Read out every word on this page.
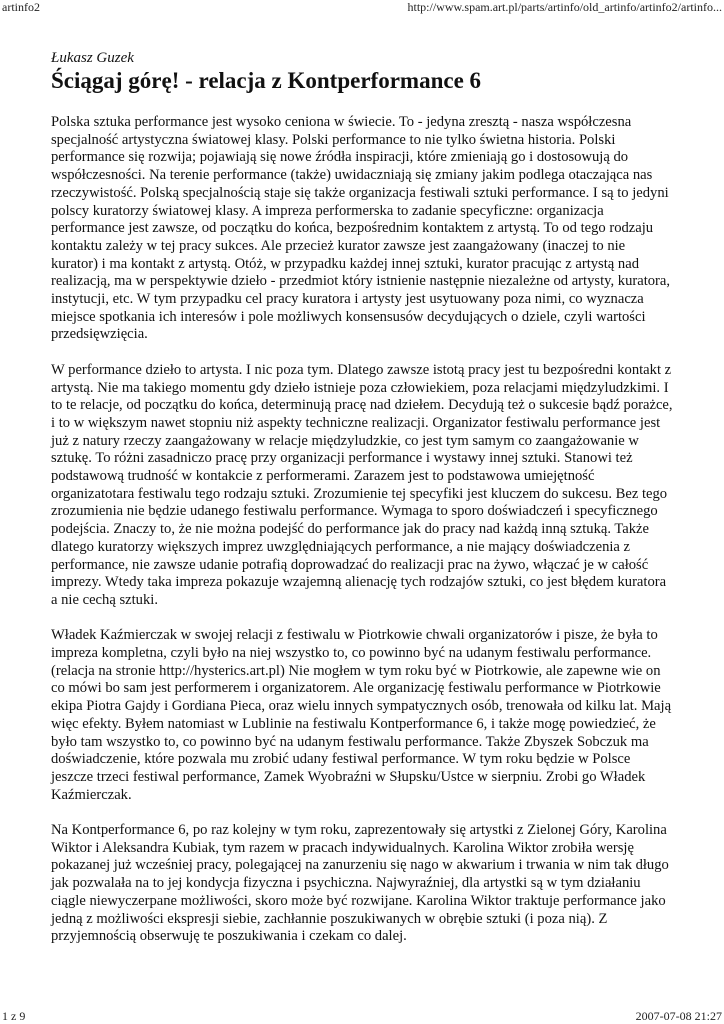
artinfo2	http://www.spam.art.pl/parts/artinfo/old_artinfo/artinfo2/artinfo...

Łukasz Guzek

Ściągaj górę! - relacja z Kontperformance 6

Polska sztuka performance jest wysoko ceniona w świecie. To - jedyna zresztą - nasza współczesna specjalność artystyczna światowej klasy. Polski performance to nie tylko świetna historia. Polski performance się rozwija; pojawiają się nowe źródła inspiracji, które zmieniają go i dostosowują do współczesności. Na terenie performance (także) uwidaczniają się zmiany jakim podlega otaczająca nas rzeczywistość. Polską specjalnością staje się także organizacja festiwali sztuki performance. I są to jedyni polscy kuratorzy światowej klasy. A impreza performerska to zadanie specyficzne: organizacja performance jest zawsze, od początku do końca, bezpośrednim kontaktem z artystą. To od tego rodzaju kontaktu zależy w tej pracy sukces. Ale przecież kurator zawsze jest zaangażowany (inaczej to nie kurator) i ma kontakt z artystą. Otóż, w przypadku każdej innej sztuki, kurator pracując z artystą nad realizacją, ma w perspektywie dzieło - przedmiot który istnienie następnie niezależne od artysty, kuratora, instytucji, etc. W tym przypadku cel pracy kuratora i artysty jest usytuowany poza nimi, co wyznacza miejsce spotkania ich interesów i pole możliwych konsensusów decydujących o dziele, czyli wartości przedsięwzięcia.

W performance dzieło to artysta. I nic poza tym. Dlatego zawsze istotą pracy jest tu bezpośredni kontakt z artystą. Nie ma takiego momentu gdy dzieło istnieje poza człowiekiem, poza relacjami międzyludzkimi. I to te relacje, od początku do końca, determinują pracę nad dziełem. Decydują też o sukcesie bądź porażce, i to w większym nawet stopniu niż aspekty techniczne realizacji. Organizator festiwalu performance jest już z natury rzeczy zaangażowany w relacje międzyludzkie, co jest tym samym co zaangażowanie w sztukę. To różni zasadniczo pracę przy organizacji performance i wystawy innej sztuki. Stanowi też podstawową trudność w kontakcie z performerami. Zarazem jest to podstawowa umiejętność organizatotara festiwalu tego rodzaju sztuki. Zrozumienie tej specyfiki jest kluczem do sukcesu. Bez tego zrozumienia nie będzie udanego festiwalu performance. Wymaga to sporo doświadczeń i specyficznego podejścia. Znaczy to, że nie można podejść do performance jak do pracy nad każdą inną sztuką. Także dlatego kuratorzy większych imprez uwzględniających performance, a nie mający doświadczenia z performance, nie zawsze udanie potrafią doprowadzać do realizacji prac na żywo, włączać je w całość imprezy. Wtedy taka impreza pokazuje wzajemną alienację tych rodzajów sztuki, co jest błędem kuratora a nie cechą sztuki.

Władek Kaźmierczak w swojej relacji z festiwalu w Piotrkowie chwali organizatorów i pisze, że była to impreza kompletna, czyli było na niej wszystko to, co powinno być na udanym festiwalu performance. (relacja na stronie http://hysterics.art.pl) Nie mogłem w tym roku być w Piotrkowie, ale zapewne wie on co mówi bo sam jest performerem i organizatorem. Ale organizację festiwalu performance w Piotrkowie ekipa Piotra Gajdy i Gordiana Pieca, oraz wielu innych sympatycznych osób, trenowała od kilku lat. Mają więc efekty. Byłem natomiast w Lublinie na festiwalu Kontperformance 6, i także mogę powiedzieć, że było tam wszystko to, co powinno być na udanym festiwalu performance. Także Zbyszek Sobczuk ma doświadczenie, które pozwala mu zrobić udany festiwal performance. W tym roku będzie w Polsce jeszcze trzeci festiwal performance, Zamek Wyobraźni w Słupsku/Ustce w sierpniu. Zrobi go Władek Kaźmierczak.

Na Kontperformance 6, po raz kolejny w tym roku, zaprezentowały się artystki z Zielonej Góry, Karolina Wiktor i Aleksandra Kubiak, tym razem w pracach indywidualnych. Karolina Wiktor zrobiła wersję pokazanej już wcześniej pracy, polegającej na zanurzeniu się nago w akwarium i trwania w nim tak długo jak pozwalała na to jej kondycja fizyczna i psychiczna. Najwyraźniej, dla artystki są w tym działaniu ciągle niewyczerpane możliwości, skoro może być rozwijane. Karolina Wiktor traktuje performance jako jedną z możliwości ekspresji siebie, zachłannie poszukiwanych w obrębie sztuki (i poza nią). Z przyjemnością obserwuję te poszukiwania i czekam co dalej.

1 z 9	2007-07-08 21:27
